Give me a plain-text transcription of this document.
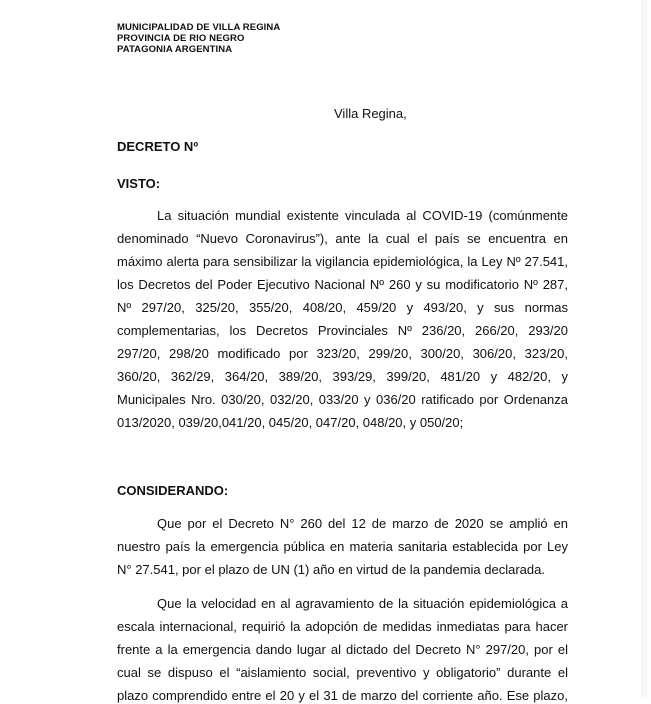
MUNICIPALIDAD DE VILLA REGINA
PROVINCIA DE RIO NEGRO
PATAGONIA ARGENTINA
Villa Regina,
DECRETO Nº
VISTO:
La situación mundial existente vinculada al COVID-19 (comúnmente
denominado “Nuevo Coronavirus”), ante la cual el país se encuentra en
máximo alerta para sensibilizar la vigilancia epidemiológica, la Ley Nº 27.541,
los Decretos del Poder Ejecutivo Nacional Nº 260 y su modificatorio Nº 287,
Nº 297/20, 325/20, 355/20, 408/20, 459/20 y 493/20, y sus normas
complementarias, los Decretos Provinciales Nº 236/20, 266/20, 293/20
297/20, 298/20 modificado por 323/20, 299/20, 300/20, 306/20, 323/20,
360/20, 362/29, 364/20, 389/20, 393/29, 399/20, 481/20 y 482/20, y
Municipales Nro. 030/20, 032/20, 033/20 y 036/20 ratificado por Ordenanza
013/2020, 039/20,041/20, 045/20, 047/20, 048/20, y 050/20;
CONSIDERANDO:
Que por el Decreto N° 260 del 12 de marzo de 2020 se amplió en
nuestro país la emergencia pública en materia sanitaria establecida por Ley
N° 27.541, por el plazo de UN (1) año en virtud de la pandemia declarada.
Que la velocidad en al agravamiento de la situación epidemiológica a
escala internacional, requirió la adopción de medidas inmediatas para hacer
frente a la emergencia dando lugar al dictado del Decreto N° 297/20, por el
cual se dispuso el “aislamiento social, preventivo y obligatorio” durante el
plazo comprendido entre el 20 y el 31 de marzo del corriente año. Ese plazo,
